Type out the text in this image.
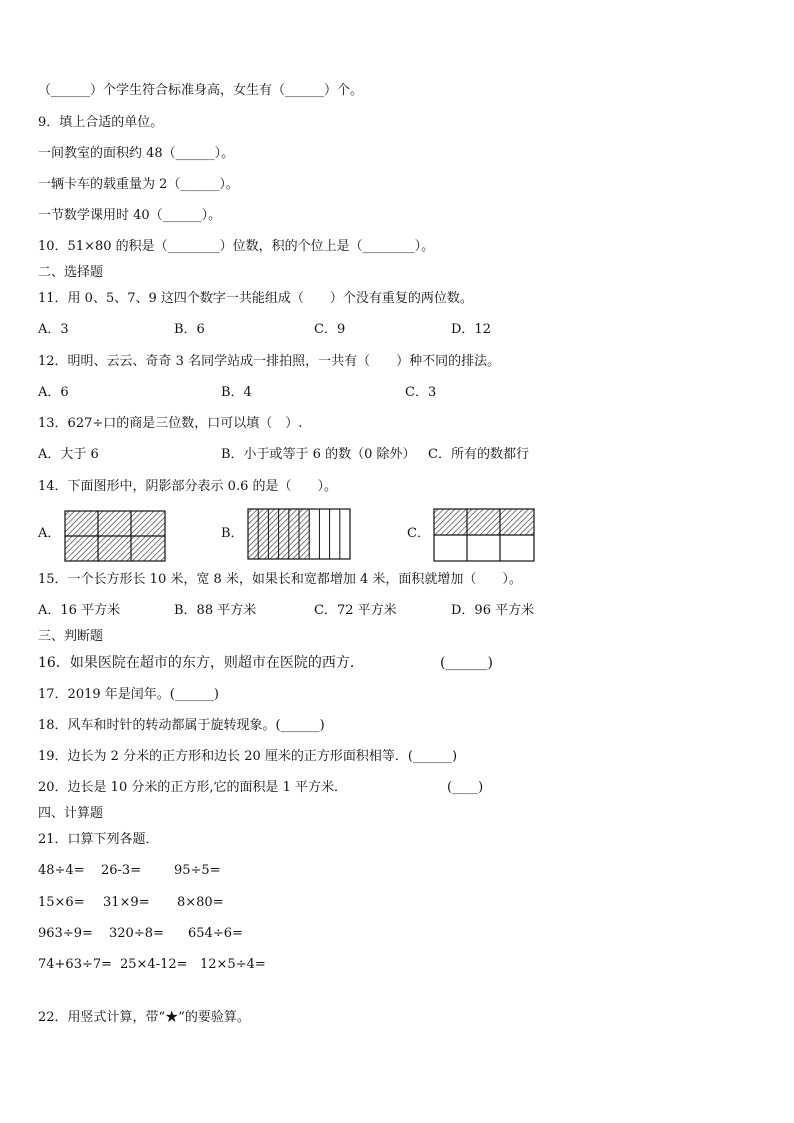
（______）个学生符合标准身高，女生有（______）个。
9．填上合适的单位。
一间教室的面积约 48（______）。
一辆卡车的载重量为 2（______）。
一节数学课用时 40（______）。
10．51×80 的积是（________）位数，积的个位上是（________）。
二、选择题
11．用 0、5、7、9 这四个数字一共能组成（　　）个没有重复的两位数。
A．3	B．6	C．9	D．12
12．明明、云云、奇奇 3 名同学站成一排拍照，一共有（　　）种不同的排法。
A．6	B．4	C．3
13．627÷口的商是三位数，口可以填（　）.
A．大于 6	B．小于或等于 6 的数（0 除外） C．所有的数都行
14．下面图形中，阴影部分表示 0.6 的是（　　）。
A．	B．	C．
15．一个长方形长 10 米，宽 8 米，如果长和宽都增加 4 米，面积就增加（　　）。
A．16 平方米	B．88 平方米	C．72 平方米	D．96 平方米
三、判断题
16．如果医院在超市的东方，则超市在医院的西方．	(______)
17．2019 年是闰年。(______)
18．风车和时针的转动都属于旋转现象。(______)
19．边长为 2 分米的正方形和边长 20 厘米的正方形面积相等．(______)
20．边长是 10 分米的正方形,它的面积是 1 平方米．	(____)
四、计算题
21．口算下列各题．
48÷4= 26-3=	95÷5=
15×6= 31×9= 8×80=
963÷9= 320÷8= 654÷6=
74+63÷7= 25×4-12= 12×5÷4=
22．用竖式计算，带“★”的要验算。
